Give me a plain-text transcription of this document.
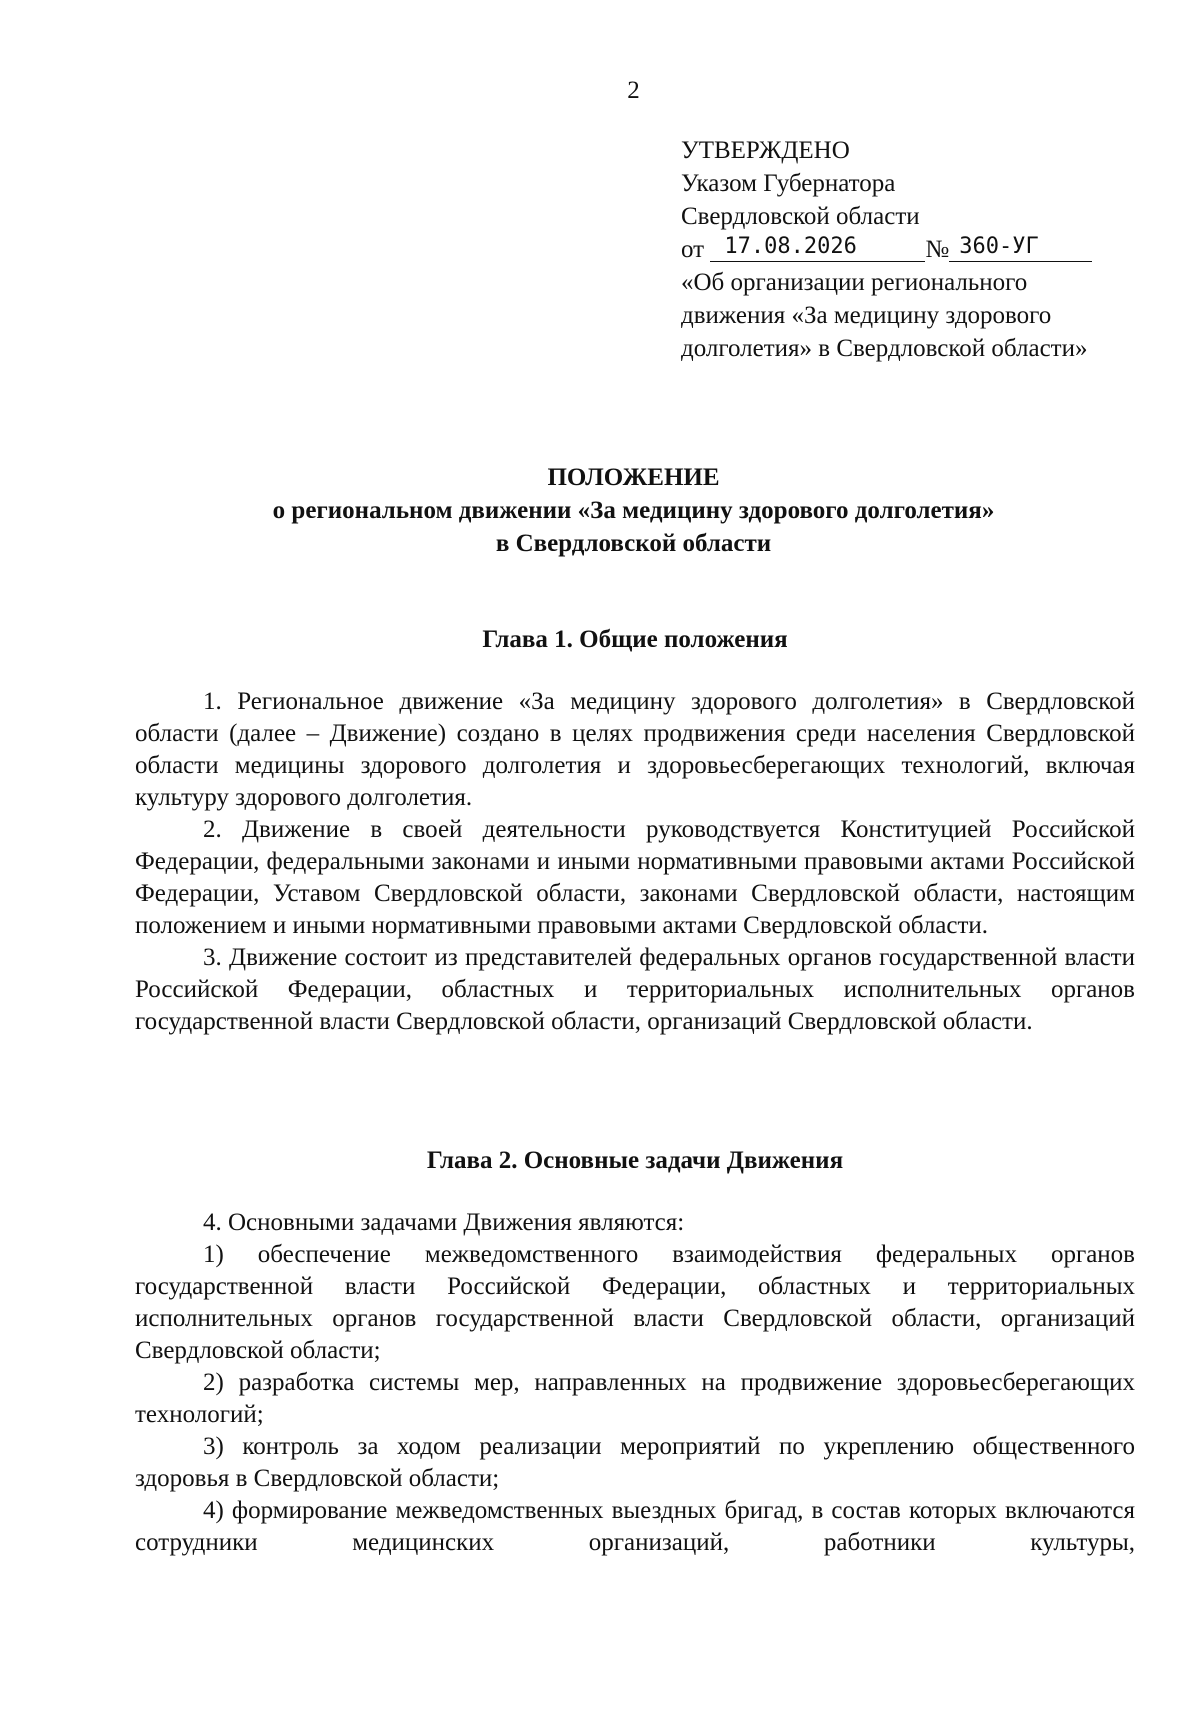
2
УТВЕРЖДЕНО
Указом Губернатора
Свердловской области
от 17.08.2026	№ 360-УГ
«Об организации регионального движения «За медицину здорового долголетия» в Свердловской области»
ПОЛОЖЕНИЕ
о региональном движении «За медицину здорового долголетия»
в Свердловской области

Глава 1. Общие положения

1. Региональное движение «За медицину здорового долголетия» в Свердловской области (далее – Движение) создано в целях продвижения среди населения Свердловской области медицины здорового долголетия и здоровьесберегающих технологий, включая культуру здорового долголетия.

2. Движение в своей деятельности руководствуется Конституцией Российской Федерации, федеральными законами и иными нормативными правовыми актами Российской Федерации, Уставом Свердловской области, законами Свердловской области, настоящим положением и иными нормативными правовыми актами Свердловской области.

3. Движение состоит из представителей федеральных органов государственной власти Российской Федерации, областных и территориальных исполнительных органов государственной власти Свердловской области, организаций Свердловской области.

Глава 2. Основные задачи Движения

4. Основными задачами Движения являются:

1) обеспечение межведомственного взаимодействия федеральных органов государственной власти Российской Федерации, областных и территориальных исполнительных органов государственной власти Свердловской области, организаций Свердловской области;

2) разработка системы мер, направленных на продвижение здоровьесберегающих технологий;

3) контроль за ходом реализации мероприятий по укреплению общественного здоровья в Свердловской области;

4) формирование межведомственных выездных бригад, в состав которых включаются сотрудники медицинских организаций, работники культуры,
